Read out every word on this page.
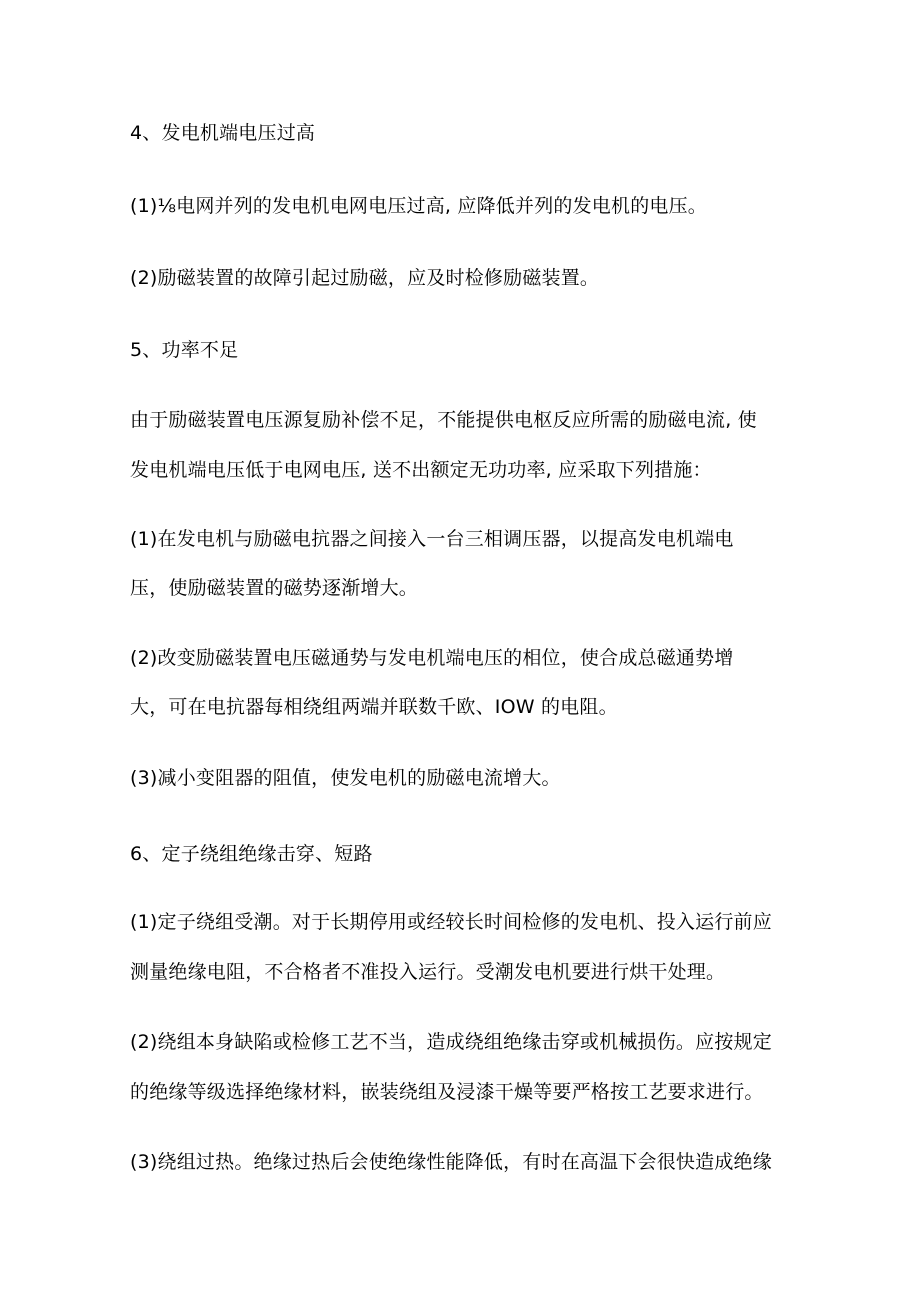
4、发电机端电压过高
(1)⅛电网并列的发电机电网电压过高, 应降低并列的发电机的电压。
(2)励磁装置的故障引起过励磁，应及时检修励磁装置。
5、功率不足
由于励磁装置电压源复励补偿不足，不能提供电枢反应所需的励磁电流, 使
发电机端电压低于电网电压, 送不出额定无功功率, 应采取下列措施：
(1)在发电机与励磁电抗器之间接入一台三相调压器，以提高发电机端电
压，使励磁装置的磁势逐渐增大。
(2)改变励磁装置电压磁通势与发电机端电压的相位，使合成总磁通势增
大，可在电抗器每相绕组两端并联数千欧、IOW 的电阻。
(3)减小变阻器的阻值，使发电机的励磁电流增大。
6、定子绕组绝缘击穿、短路
(1)定子绕组受潮。对于长期停用或经较长时间检修的发电机、投入运行前应
测量绝缘电阻，不合格者不准投入运行。受潮发电机要进行烘干处理。
(2)绕组本身缺陷或检修工艺不当，造成绕组绝缘击穿或机械损伤。应按规定
的绝缘等级选择绝缘材料，嵌装绕组及浸漆干燥等要严格按工艺要求进行。
(3)绕组过热。绝缘过热后会使绝缘性能降低，有时在高温下会很快造成绝缘
